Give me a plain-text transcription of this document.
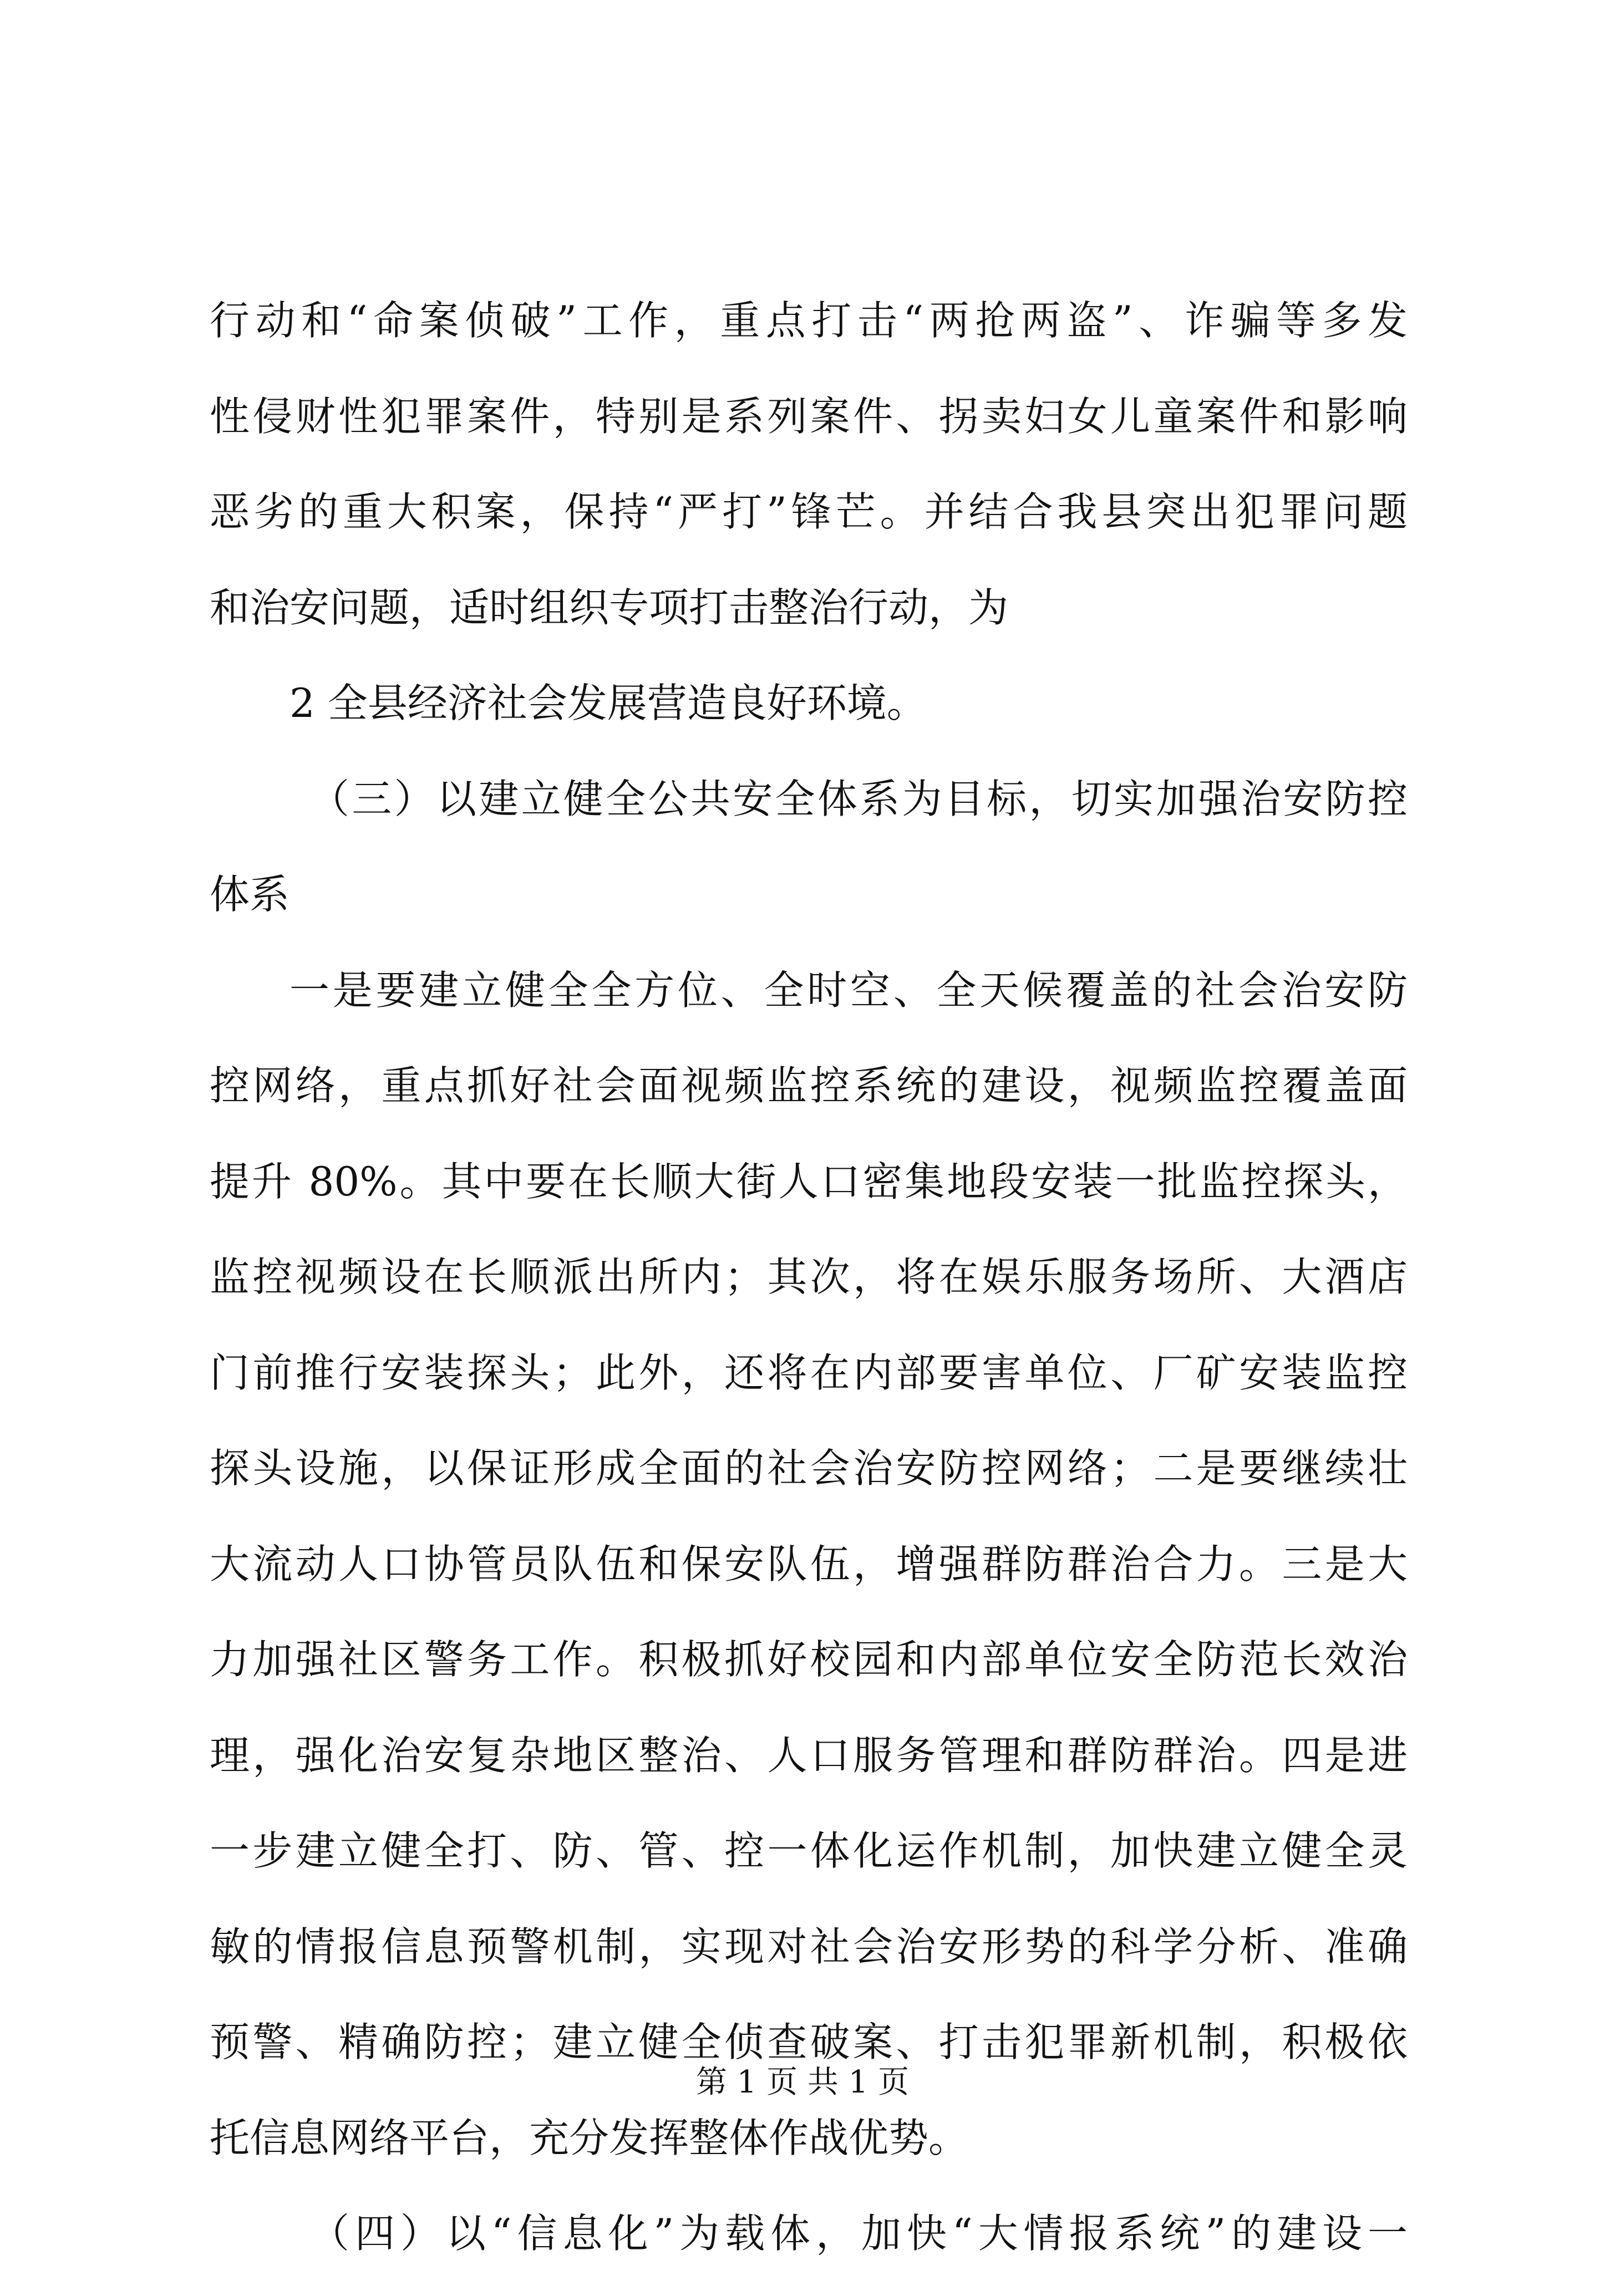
行动和“命案侦破”工作，重点打击“两抢两盗”、诈骗等多发
性侵财性犯罪案件，特别是系列案件、拐卖妇女儿童案件和影响
恶劣的重大积案，保持“严打”锋芒。并结合我县突出犯罪问题
和治安问题，适时组织专项打击整治行动，为
2 全县经济社会发展营造良好环境。
（三）以建立健全公共安全体系为目标，切实加强治安防控
体系
一是要建立健全全方位、全时空、全天候覆盖的社会治安防
控网络，重点抓好社会面视频监控系统的建设，视频监控覆盖面
提升 80%。其中要在长顺大街人口密集地段安装一批监控探头，
监控视频设在长顺派出所内；其次，将在娱乐服务场所、大酒店
门前推行安装探头；此外，还将在内部要害单位、厂矿安装监控
探头设施，以保证形成全面的社会治安防控网络；二是要继续壮
大流动人口协管员队伍和保安队伍，增强群防群治合力。三是大
力加强社区警务工作。积极抓好校园和内部单位安全防范长效治
理，强化治安复杂地区整治、人口服务管理和群防群治。四是进
一步建立健全打、防、管、控一体化运作机制，加快建立健全灵
敏的情报信息预警机制，实现对社会治安形势的科学分析、准确
预警、精确防控；建立健全侦查破案、打击犯罪新机制，积极依
托信息网络平台，充分发挥整体作战优势。
（四）以“信息化”为载体，加快“大情报系统”的建设一
第 1 页 共 1 页
